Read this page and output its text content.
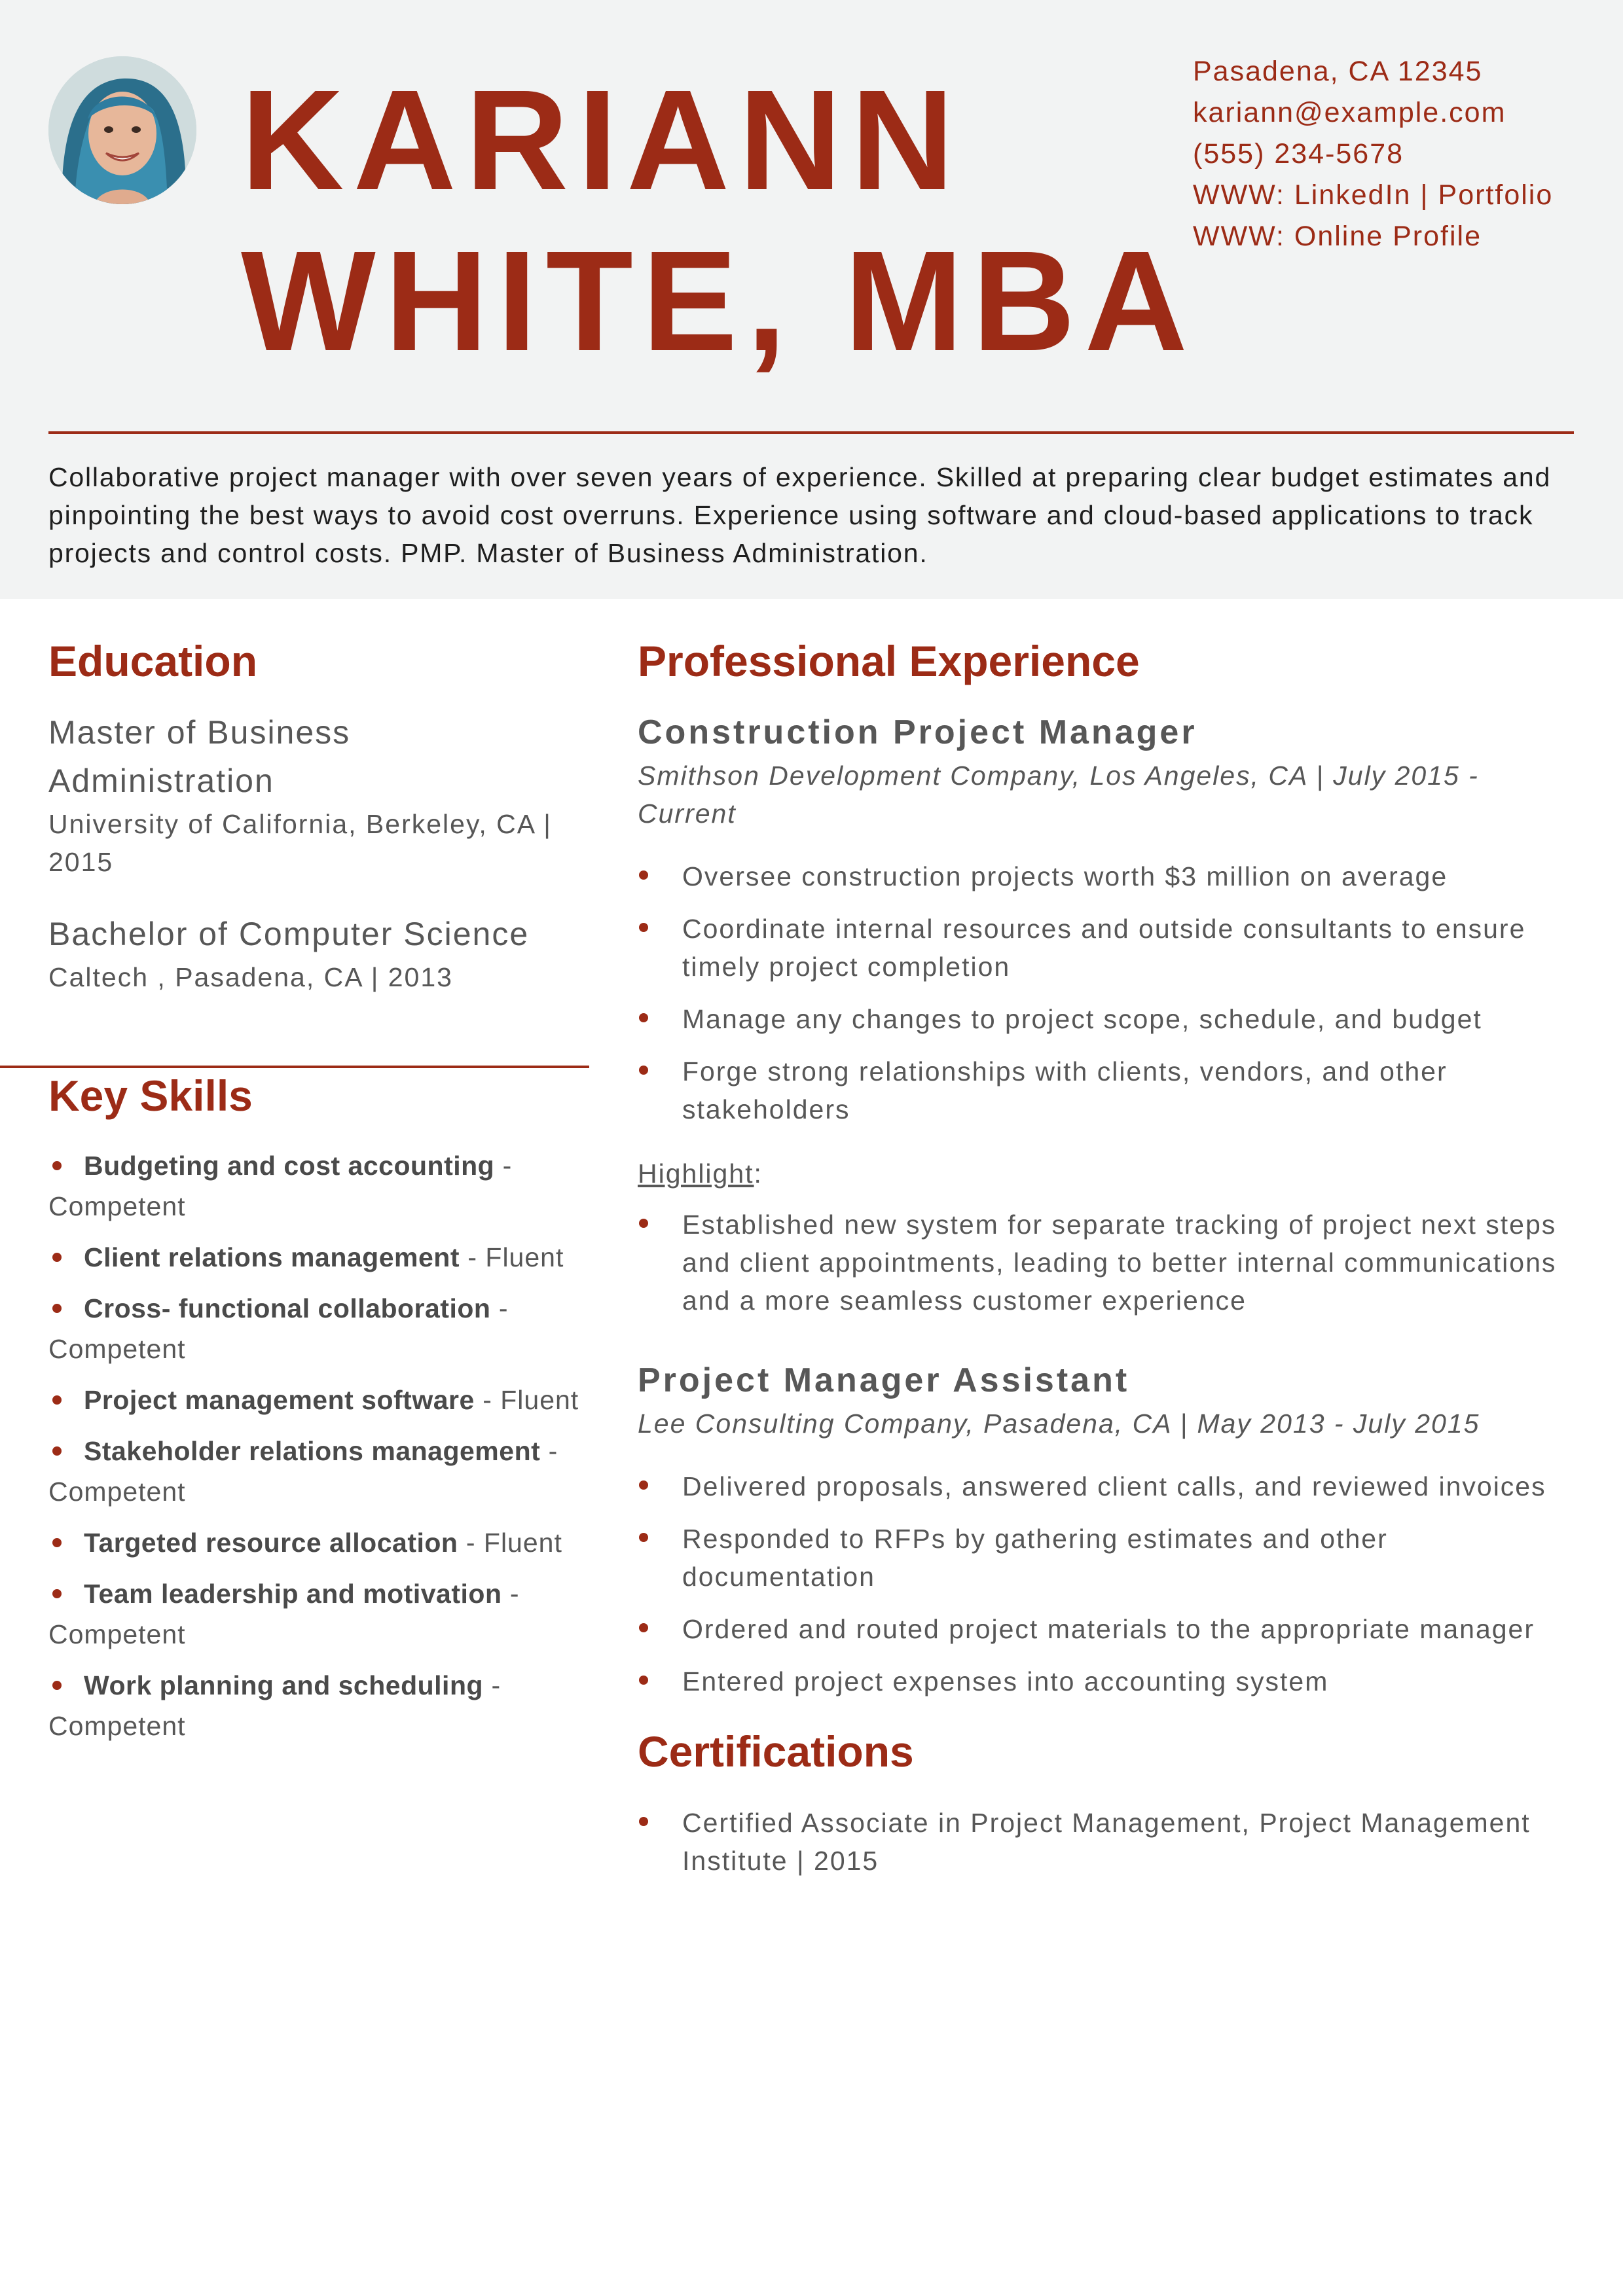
KARIANN
WHITE, MBA
Pasadena, CA 12345
kariann@example.com
(555) 234-5678
WWW: LinkedIn | Portfolio
WWW: Online Profile

Collaborative project manager with over seven years of experience. Skilled at preparing clear budget estimates and pinpointing the best ways to avoid cost overruns. Experience using software and cloud-based applications to track projects and control costs. PMP. Master of Business Administration.

Education

Master of Business Administration

University of California, Berkeley, CA | 2015

Bachelor of Computer Science

Caltech , Pasadena, CA | 2013

Key Skills
Budgeting and cost accounting - Competent
Client relations management - Fluent
Cross- functional collaboration - Competent
Project management software - Fluent
Stakeholder relations management - Competent
Targeted resource allocation - Fluent
Team leadership and motivation - Competent
Work planning and scheduling - Competent
Professional Experience
Construction Project Manager

Smithson Development Company, Los Angeles, CA | July 2015 - Current

Oversee construction projects worth $3 million on average
Coordinate internal resources and outside consultants to ensure timely project completion
Manage any changes to project scope, schedule, and budget
Forge strong relationships with clients, vendors, and other stakeholders

Highlight:

Established new system for separate tracking of project next steps and client appointments, leading to better internal communications and a more seamless customer experience
Project Manager Assistant

Lee Consulting Company, Pasadena, CA | May 2013 - July 2015

Delivered proposals, answered client calls, and reviewed invoices
Responded to RFPs by gathering estimates and other documentation
Ordered and routed project materials to the appropriate manager
Entered project expenses into accounting system
Certifications
Certified Associate in Project Management, Project Management Institute | 2015
